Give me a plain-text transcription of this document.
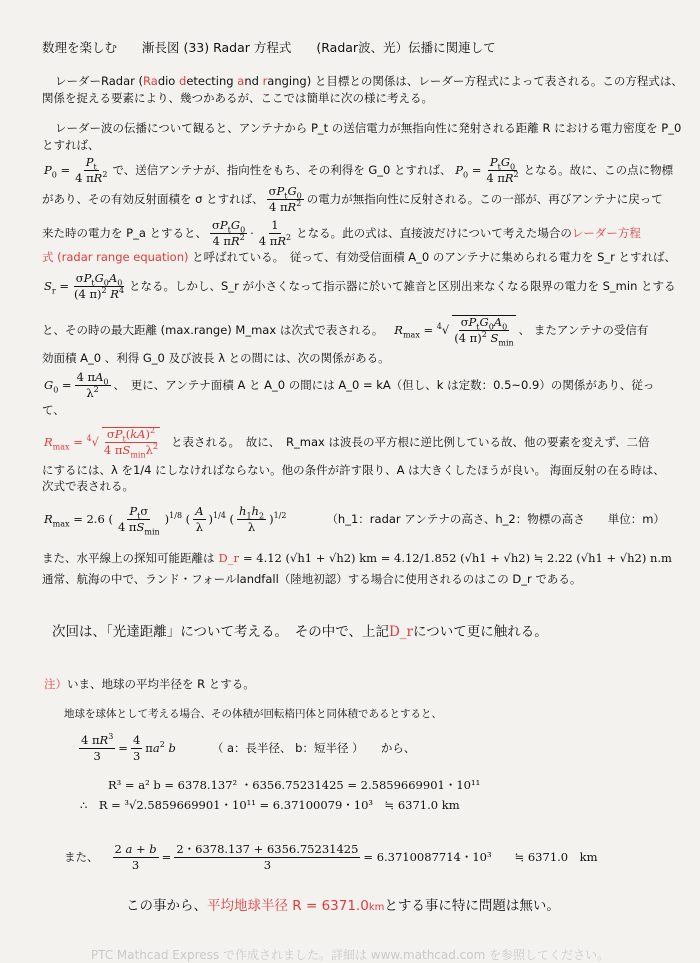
数理を楽しむ　　漸長図 (33) Radar 方程式　　(Radar波、光）伝播に関連して
レーダーRadar (Radio detecting and ranging) と目標との関係は、レーダー方程式によって表される。この方程式は、
関係を捉える要素により、幾つかあるが、ここでは簡単に次の様に考える。
レーダー波の伝播について観ると、アンテナから P_t の送信電力が無指向性に発射される距離 R における電力密度を P_0
とすれば、
$P_0 = \frac{P_t}{4 \pi R^2}$ で、送信アンテナが、指向性をもち、その利得を G_0 とすれば、 $P_0 = \frac{P_tG_0}{4 \pi R^2}$ となる。故に、この点に物標
があり、その有効反射面積を σ とすれば、 $\frac{\sigma P_tG_0}{4 \pi R^2}$ の電力が無指向性に反射される。この一部が、再びアンテナに戻って
来た時の電力を P_a とすると、 $\frac{\sigma P_tG_0}{4 \pi R^2} \cdot \frac{1}{4 \pi R^2}$ となる。此の式は、直接波だけについて考えた場合の レーダー方程
式 (radar range equation) と呼ばれている。　従って、有効受信面積 A_0 のアンテナに集められる電力を S_r とすれば、
$S_r = \frac{\sigma P_tG_0A_0}{(4 \pi)^2 R^4}$ となる。しかし、S_r が小さくなって指示器に於いて雑音と区別出来なくなる限界の電力を S_min とする
と、その時の最大距離 (max.range) M_max は次式で表される。 $R_{max} = ^4√ \frac{\sigma P_tG_0A_0}{(4 \pi)^2 S_{min}}$ 、 またアンテナの受信有
効面積 A_0 、利得 G_0 及び波長 λ との間には、次の関係がある。
$G_0 = \frac{4 \pi A_0}{\lambda^2}$ 、　更に、アンテナ面積 A と A_0 の間には A_0 = kA（但し、k は定数：0.5~0.9）の関係があり、従っ
て、
$R_{max} = ^4√ \frac{\sigma P_t(kA)^2}{4 \pi S_{min}\lambda^2}$ と表される。　故に、　R_max は波長の平方根に逆比例している故、他の要素を変えず、二倍
にするには、λ を1/4 にしなければならない。他の条件が許す限り、A は大きくしたほうが良い。 海面反射の在る時は、
次式で表される。
$R_{max} = 2.6$ ( $\frac{P_t\sigma}{4 \pi S_{min}} )^{1/8}$ ( $\frac{A}{\lambda} )^{1/4}$ ( $\frac{h_1h_2}{\lambda} )^{1/2}$	（h_1：radar アンテナの高さ、h_2：物標の高さ　　単位：m）
また、水平線上の探知可能距離は D_r = 4.12 (√h1 + √h2) km = 4.12/1.852 (√h1 + √h2) ≒ 2.22 (√h1 + √h2) n.m
通常、航海の中で、ランド・フォールlandfall（陸地初認）する場合に使用されるのはこの D_r である。
次回は、「光達距離」について考える。　その中で、上記D_rについて更に触れる。
注）いま、地球の平均半径を R とする。
地球を球体として考える場合、その体積が回転楕円体と同体積であるとすると、
$\frac{4 \pi R^3}{3} = \frac{4}{3} \pi a^2$ b	（ a：長半径、 b：短半径 ）　　から、
R³ = a² b = 6378.137² ・6356.75231425 = 2.5859669901・10¹¹
∴　R = ³√2.5859669901・10¹¹ = 6.37100079・10³　≒ 6371.0 km
また、 $\frac{2 a + b}{3} = \frac{2・6378.137 + 6356.75231425}{3} = 6.3710087714$・10³　　≒ 6371.0　km
この事から、平均地球半径 R = 6371.0kmとする事に特に問題は無い。
PTC Mathcad Express で作成されました。詳細は www.mathcad.com を参照してください。
